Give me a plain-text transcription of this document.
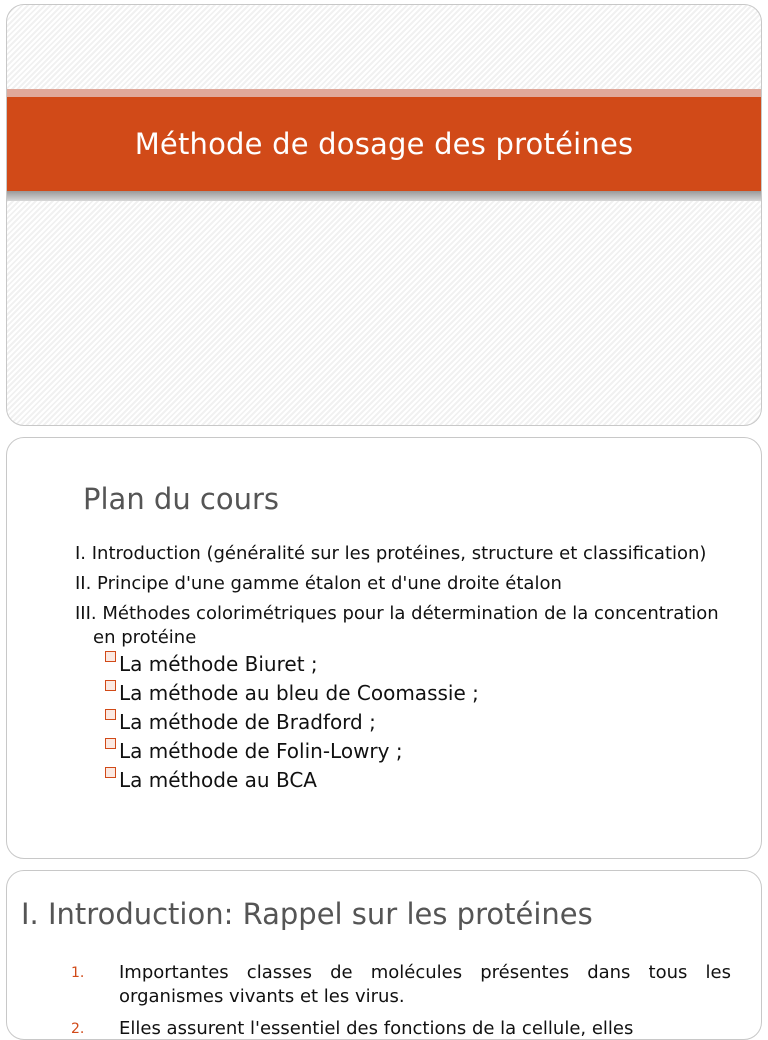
Méthode de dosage des protéines
Plan du cours
I. Introduction (généralité sur les protéines, structure et classification)
II. Principe d'une gamme étalon et d'une droite étalon
III. Méthodes colorimétriques pour la détermination de la concentration en protéine
La méthode Biuret ;
La méthode au bleu de Coomassie ;
La méthode de Bradford ;
La méthode de Folin-Lowry ;
La méthode au BCA
I. Introduction: Rappel sur les protéines
1.	Importantes classes de molécules présentes dans tous les organismes vivants et les virus.
2.	Elles assurent l'essentiel des fonctions de la cellule, elles
